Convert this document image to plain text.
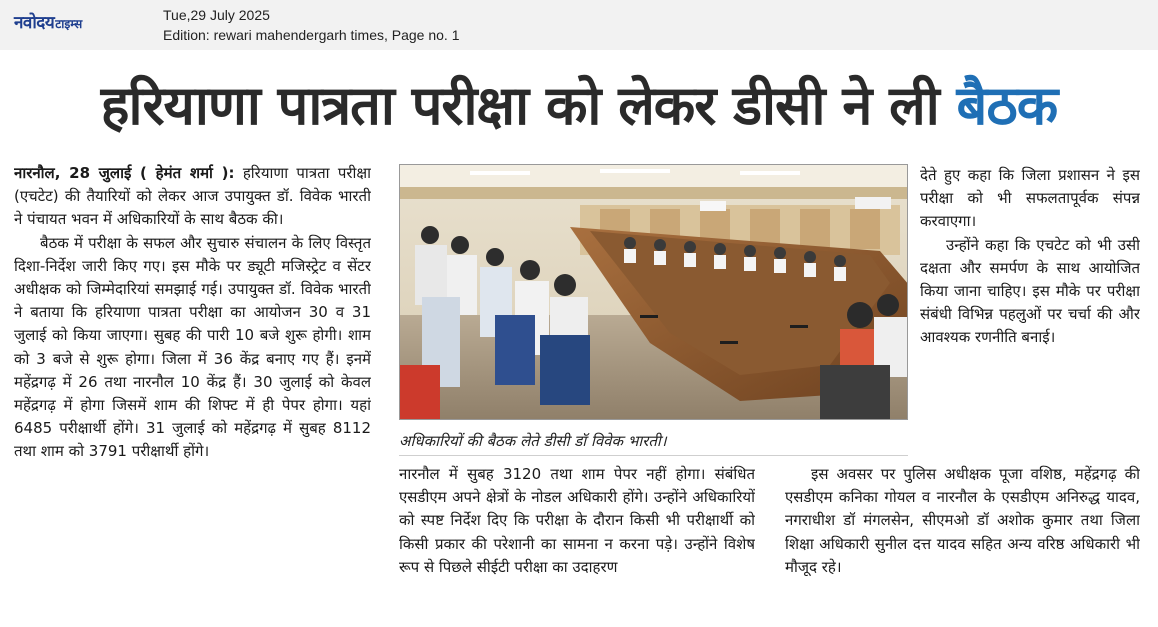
नवोदय टाइम्स
Tue,29 July 2025
Edition: rewari mahendergarh times, Page no. 1
हरियाणा पात्रता परीक्षा को लेकर डीसी ने ली बैठक

नारनौल, 28 जुलाई ( हेमंत शर्मा ): हरियाणा पात्रता परीक्षा (एचटेट) की तैयारियों को लेकर आज उपायुक्त डॉ. विवेक भारती ने पंचायत भवन में अधिकारियों के साथ बैठक की।

बैठक में परीक्षा के सफल और सुचारु संचालन के लिए विस्तृत दिशा-निर्देश जारी किए गए। इस मौके पर ड्यूटी मजिस्ट्रेट व सेंटर अधीक्षक को जिम्मेदारियां समझाई गई। उपायुक्त डॉ. विवेक भारती ने बताया कि हरियाणा पात्रता परीक्षा का आयोजन 30 व 31 जुलाई को किया जाएगा। सुबह की पारी 10 बजे शुरू होगी। शाम को 3 बजे से शुरू होगा। जिला में 36 केंद्र बनाए गए हैं। इनमें महेंद्रगढ़ में 26 तथा नारनौल 10 केंद्र हैं। 30 जुलाई को केवल महेंद्रगढ़ में होगा जिसमें शाम की शिफ्ट में ही पेपर होगा। यहां 6485 परीक्षार्थी होंगे। 31 जुलाई को महेंद्रगढ़ में सुबह 8112 तथा शाम को 3791 परीक्षार्थी होंगे।

अधिकारियों की बैठक लेते डीसी डॉ विवेक भारती।

नारनौल में सुबह 3120 तथा शाम पेपर नहीं होगा। संबंधित एसडीएम अपने क्षेत्रों के नोडल अधिकारी होंगे। उन्होंने अधिकारियों को स्पष्ट निर्देश दिए कि परीक्षा के दौरान किसी भी परीक्षार्थी को किसी प्रकार की परेशानी का सामना न करना पड़े। उन्होंने विशेष रूप से पिछले सीईटी परीक्षा का उदाहरण

देते हुए कहा कि जिला प्रशासन ने इस परीक्षा को भी सफलतापूर्वक संपन्न करवाएगा।

उन्होंने कहा कि एचटेट को भी उसी दक्षता और समर्पण के साथ आयोजित किया जाना चाहिए। इस मौके पर परीक्षा संबंधी विभिन्न पहलुओं पर चर्चा की और आवश्यक रणनीति बनाई।

इस अवसर पर पुलिस अधीक्षक पूजा वशिष्ठ, महेंद्रगढ़ की एसडीएम कनिका गोयल व नारनौल के एसडीएम अनिरुद्ध यादव, नगराधीश डॉ मंगलसेन, सीएमओ डॉ अशोक कुमार तथा जिला शिक्षा अधिकारी सुनील दत्त यादव सहित अन्य वरिष्ठ अधिकारी भी मौजूद रहे।
